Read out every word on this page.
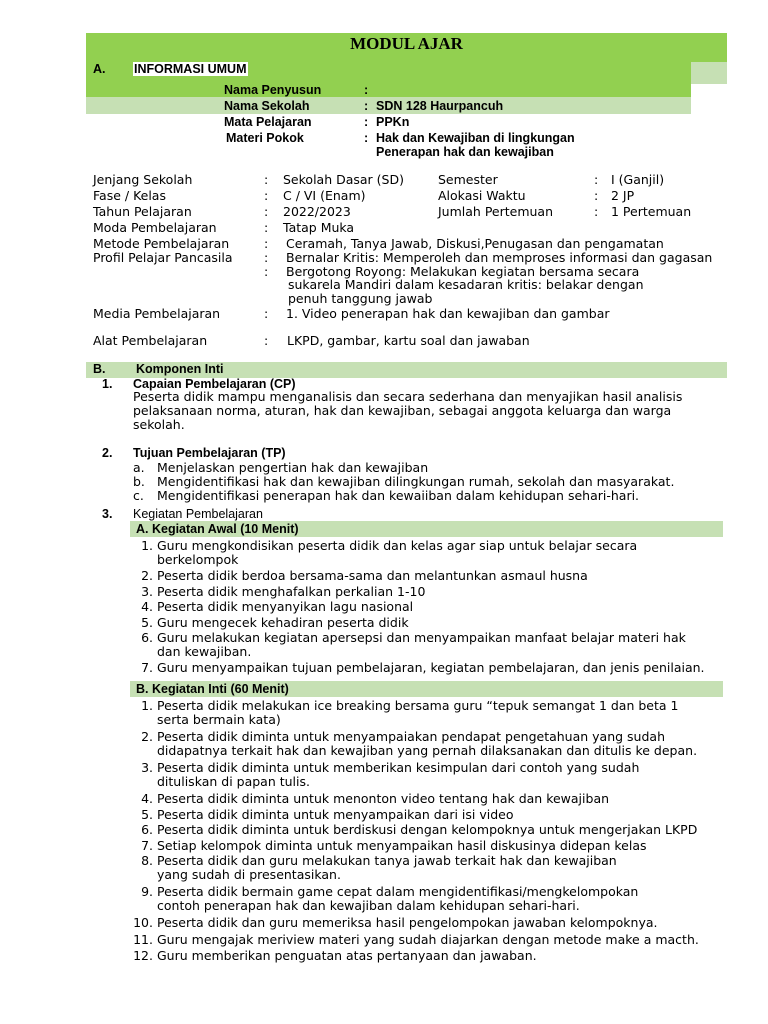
MODUL AJAR
A. INFORMASI UMUM
Nama Penyusun	:
Nama Sekolah	: SDN 128 Haurpancuh
Mata Pelajaran	: PPKn
Materi Pokok	: Hak dan Kewajiban di lingkungan
Penerapan hak dan kewajiban
Jenjang Sekolah	: Sekolah Dasar (SD)	Semester	: I (Ganjil)
Fase / Kelas	: C / VI (Enam)	Alokasi Waktu	: 2 JP
Tahun Pelajaran	: 2022/2023	Jumlah Pertemuan	: 1 Pertemuan
Moda Pembelajaran	: Tatap Muka
Metode Pembelajaran	: Ceramah, Tanya Jawab, Diskusi,Penugasan dan pengamatan
Profil Pelajar Pancasila	: Bernalar Kritis: Memperoleh dan memproses informasi dan gagasan
: Bergotong Royong: Melakukan kegiatan bersama secara
sukarela Mandiri dalam kesadaran kritis: belakar dengan
penuh tanggung jawab
Media Pembelajaran	: 1. Video penerapan hak dan kewajiban dan gambar
Alat Pembelajaran	: LKPD, gambar, kartu soal dan jawaban
B. Komponen Inti
1. Capaian Pembelajaran (CP)
Peserta didik mampu menganalisis dan secara sederhana dan menyajikan hasil analisis
pelaksanaan norma, aturan, hak dan kewajiban, sebagai anggota keluarga dan warga
sekolah.
2. Tujuan Pembelajaran (TP)
a. Menjelaskan pengertian hak dan kewajiban
b. Mengidentifikasi hak dan kewajiban dilingkungan rumah, sekolah dan masyarakat.
c. Mengidentifikasi penerapan hak dan kewaiiban dalam kehidupan sehari-hari.
3. Kegiatan Pembelajaran
A. Kegiatan Awal (10 Menit)
1. Guru mengkondisikan peserta didik dan kelas agar siap untuk belajar secara
berkelompok
2. Peserta didik berdoa bersama-sama dan melantunkan asmaul husna
3. Peserta didik menghafalkan perkalian 1-10
4. Peserta didik menyanyikan lagu nasional
5. Guru mengecek kehadiran peserta didik
6. Guru melakukan kegiatan apersepsi dan menyampaikan manfaat belajar materi hak
dan kewajiban.
7. Guru menyampaikan tujuan pembelajaran, kegiatan pembelajaran, dan jenis penilaian.
B. Kegiatan Inti (60 Menit)
1. Peserta didik melakukan ice breaking bersama guru “tepuk semangat 1 dan beta 1
serta bermain kata)
2. Peserta didik diminta untuk menyampaiakan pendapat pengetahuan yang sudah
didapatnya terkait hak dan kewajiban yang pernah dilaksanakan dan ditulis ke depan.
3. Peserta didik diminta untuk memberikan kesimpulan dari contoh yang sudah
dituliskan di papan tulis.
4. Peserta didik diminta untuk menonton video tentang hak dan kewajiban
5. Peserta didik diminta untuk menyampaikan dari isi video
6. Peserta didik diminta untuk berdiskusi dengan kelompoknya untuk mengerjakan LKPD
7. Setiap kelompok diminta untuk menyampaikan hasil diskusinya didepan kelas
8. Peserta didik dan guru melakukan tanya jawab terkait hak dan kewajiban
yang sudah di presentasikan.
9. Peserta didik bermain game cepat dalam mengidentifikasi/mengkelompokan
contoh penerapan hak dan kewajiban dalam kehidupan sehari-hari.
10. Peserta didik dan guru memeriksa hasil pengelompokan jawaban kelompoknya.
11. Guru mengajak meriview materi yang sudah diajarkan dengan metode make a macth.
12. Guru memberikan penguatan atas pertanyaan dan jawaban.
